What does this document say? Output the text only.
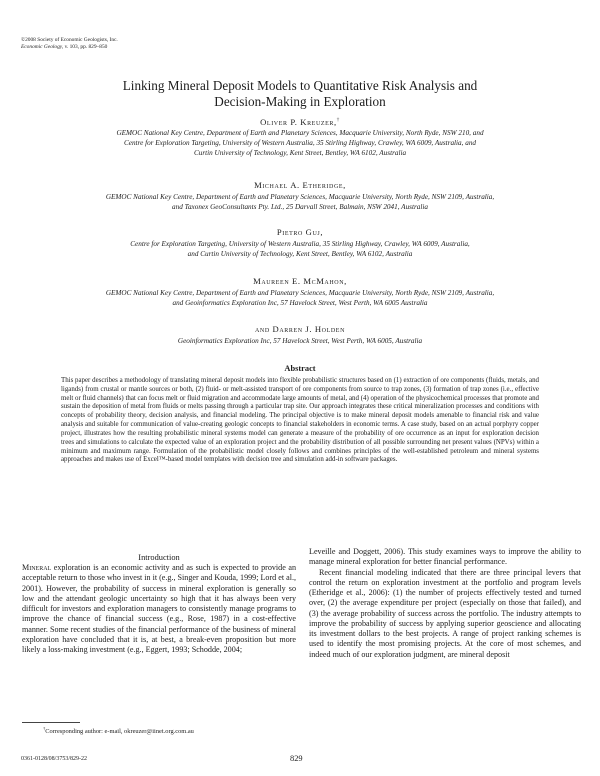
©2008 Society of Economic Geologists, Inc.
Economic Geology, v. 103, pp. 829–850
Linking Mineral Deposit Models to Quantitative Risk Analysis and
Decision-Making in Exploration
Oliver P. Kreuzer,†
GEMOC National Key Centre, Department of Earth and Planetary Sciences, Macquarie University, North Ryde, NSW 210, and
Centre for Exploration Targeting, University of Western Australia, 35 Stirling Highway, Crawley, WA 6009, Australia, and
Curtin University of Technology, Kent Street, Bentley, WA 6102, Australia
Michael A. Etheridge,
GEMOC National Key Centre, Department of Earth and Planetary Sciences, Macquarie University, North Ryde, NSW 2109, Australia,
and Taxonex GeoConsultants Pty. Ltd., 25 Darvall Street, Balmain, NSW 2041, Australia
Pietro Guj,
Centre for Exploration Targeting, University of Western Australia, 35 Stirling Highway, Crawley, WA 6009, Australia,
and Curtin University of Technology, Kent Street, Bentley, WA 6102, Australia
Maureen E. McMahon,
GEMOC National Key Centre, Department of Earth and Planetary Sciences, Macquarie University, North Ryde, NSW 2109, Australia,
and Geoinformatics Exploration Inc, 57 Havelock Street, West Perth, WA 6005 Australia
and Darren J. Holden
Geoinformatics Exploration Inc, 57 Havelock Street, West Perth, WA 6005, Australia
Abstract

This paper describes a methodology of translating mineral deposit models into flexible probabilistic structures based on (1) extraction of ore components (fluids, metals, and ligands) from crustal or mantle sources or both, (2) fluid- or melt-assisted transport of ore components from source to trap zones, (3) formation of trap zones (i.e., effective melt or fluid channels) that can focus melt or fluid migration and accommodate large amounts of metal, and (4) operation of the physicochemical processes that promote and sustain the deposition of metal from fluids or melts passing through a particular trap site. Our approach integrates these critical mineralization processes and conditions with concepts of probability theory, decision analysis, and financial modeling. The principal objective is to make mineral deposit models amenable to financial risk and value analysis and suitable for communication of value-creating geologic concepts to financial stakeholders in economic terms. A case study, based on an actual porphyry copper project, illustrates how the resulting probabilistic mineral systems model can generate a measure of the probability of ore occurrence as an input for exploration decision trees and simulations to calculate the expected value of an exploration project and the probability distribution of all possible surrounding net present values (NPVs) within a minimum and maximum range. Formulation of the probabilistic model closely follows and combines principles of the well-established petroleum and mineral systems approaches and makes use of Excel™-based model templates with decision tree and simulation add-in software packages.

Introduction

Mineral exploration is an economic activity and as such is expected to provide an acceptable return to those who invest in it (e.g., Singer and Kouda, 1999; Lord et al., 2001). However, the probability of success in mineral exploration is generally so low and the attendant geologic uncertainty so high that it has always been very difficult for investors and exploration managers to consistently manage programs to improve the chance of financial success (e.g., Rose, 1987) in a cost-effective manner. Some recent studies of the financial performance of the business of mineral exploration have concluded that it is, at best, a break-even proposition but more likely a loss-making investment (e.g., Eggert, 1993; Schodde, 2004;

Leveille and Doggett, 2006). This study examines ways to improve the ability to manage mineral exploration for better financial performance.

Recent financial modeling indicated that there are three principal levers that control the return on exploration investment at the portfolio and program levels (Etheridge et al., 2006): (1) the number of projects effectively tested and turned over, (2) the average expenditure per project (especially on those that failed), and (3) the average probability of success across the portfolio. The industry attempts to improve the probability of success by applying superior geoscience and allocating its investment dollars to the best projects. A range of project ranking schemes is used to identify the most promising projects. At the core of most schemes, and indeed much of our exploration judgment, are mineral deposit

†Corresponding author: e-mail, okreuzer@iinet.org.com.au
0361-0128/08/3753/829-22	829
